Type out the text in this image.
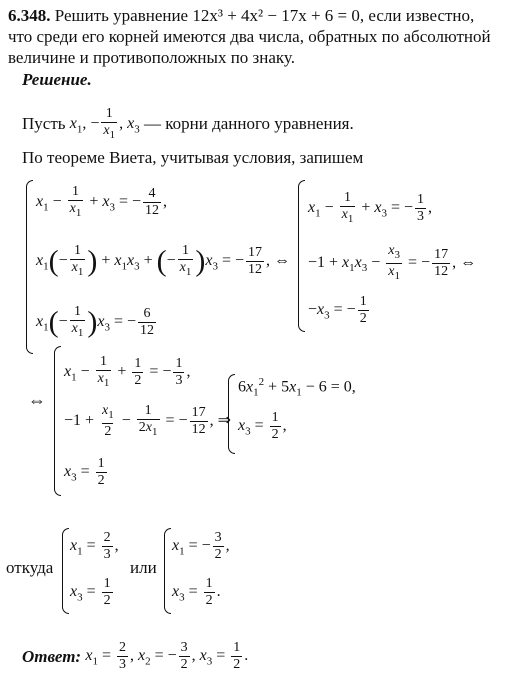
6.348. Решить уравнение 12x³ + 4x² − 17x + 6 = 0, если известно,
что среди его корней имеются два числа, обратных по абсолютной
величине и противоположных по знаку.
Решение.
Пусть
$x_1$, − $\frac{1}{x_1}$ , $x_3$
— корни данного уравнения.
По теореме Виета, учитывая условия, запишем
$x_1 - \frac{1}{x_1} + x_3$ = − $\frac{4}{12}$ ,
$x_1(- \frac{1}{x_1}$ ) + $x_1x_3$ + (− $\frac{1}{x_1} )x_3$ = − $\frac{17}{12}$ , ⇔
$x_1(- \frac{1}{x_1} )x_3$ = − $\frac{6}{12}$
$x_1 - \frac{1}{x_1} + x_3$ = − $\frac{1}{3}$ ,
$-1 + x_1x_3 - \frac{x_3}{x_1}$ = − $\frac{17}{12}$ , ⇔
$-x_3$ = − $\frac{1}{2}$
⇔
$x_1 - \frac{1}{x_1} + \frac{1}{2}$ = − $\frac{1}{3}$ ,
$-1 + \frac{x_1}{2} - \frac{1}{2x_1}$ = − $\frac{17}{12}$ , ⇒
$x_3 = \frac{1}{2}$
$6x_1^2 + 5x_1 - 6 = 0$,
$x_3 = \frac{1}{2}$ ,
откуда
$x_1 = \frac{2}{3}$ ,
$x_3 = \frac{1}{2}$
или
$x_1$ = − $\frac{3}{2}$ ,
$x_3 = \frac{1}{2}$ .
Ответ:
$x_1 = \frac{2}{3}$ , $x_2$ = − $\frac{3}{2}$ , $x_3 = \frac{1}{2}$ .
